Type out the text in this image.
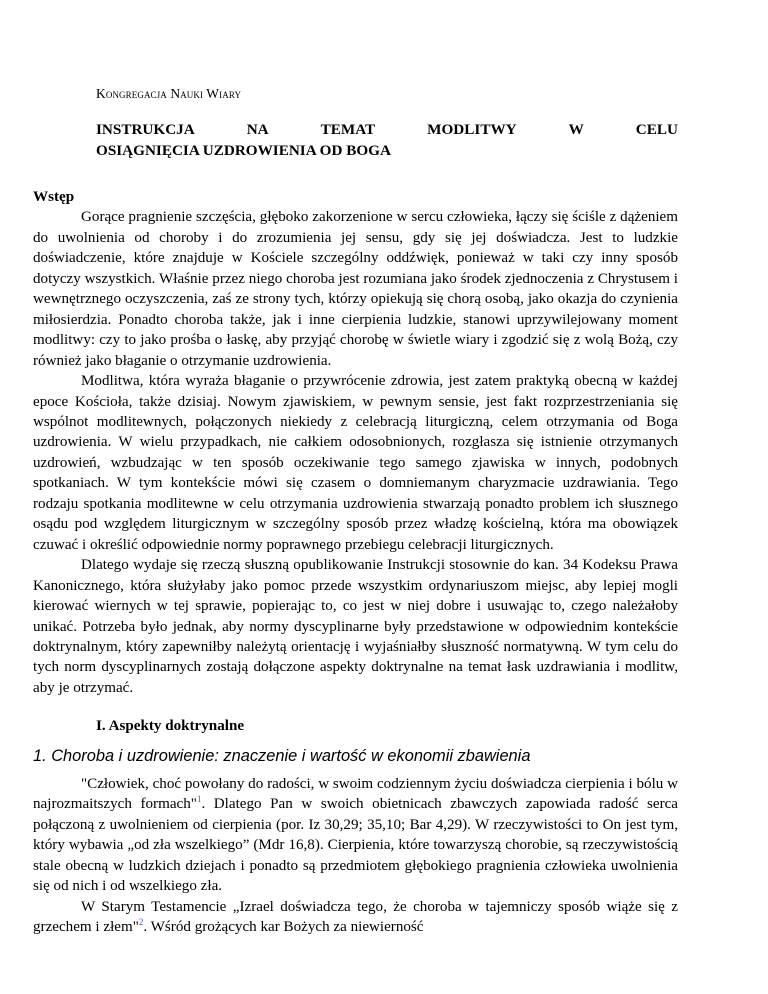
Kongregacja Nauki Wiary
INSTRUKCJA	NA	TEMAT	MODLITWY	W	CELU
OSIĄGNIĘCIA UZDROWIENIA OD BOGA
Wstęp

Gorące pragnienie szczęścia, głęboko zakorzenione w sercu człowieka, łączy się ściśle z dążeniem do uwolnienia od choroby i do zrozumienia jej sensu, gdy się jej doświadcza. Jest to ludzkie doświadczenie, które znajduje w Kościele szczególny oddźwięk, ponieważ w taki czy inny sposób dotyczy wszystkich. Właśnie przez niego choroba jest rozumiana jako środek zjednoczenia z Chrystusem i wewnętrznego oczyszczenia, zaś ze strony tych, którzy opiekują się chorą osobą, jako okazja do czynienia miłosierdzia. Ponadto choroba także, jak i inne cierpienia ludzkie, stanowi uprzywilejowany moment modlitwy: czy to jako prośba o łaskę, aby przyjąć chorobę w świetle wiary i zgodzić się z wolą Bożą, czy również jako błaganie o otrzymanie uzdrowienia.

Modlitwa, która wyraża błaganie o przywrócenie zdrowia, jest zatem praktyką obecną w każdej epoce Kościoła, także dzisiaj. Nowym zjawiskiem, w pewnym sensie, jest fakt rozprzestrzeniania się wspólnot modlitewnych, połączonych niekiedy z celebracją liturgiczną, celem otrzymania od Boga uzdrowienia. W wielu przypadkach, nie całkiem odosobnionych, rozgłasza się istnienie otrzymanych uzdrowień, wzbudzając w ten sposób oczekiwanie tego samego zjawiska w innych, podobnych spotkaniach. W tym kontekście mówi się czasem o domniemanym charyzmacie uzdrawiania. Tego rodzaju spotkania modlitewne w celu otrzymania uzdrowienia stwarzają ponadto problem ich słusznego osądu pod względem liturgicznym w szczególny sposób przez władzę kościelną, która ma obowiązek czuwać i określić odpowiednie normy poprawnego przebiegu celebracji liturgicznych.

Dlatego wydaje się rzeczą słuszną opublikowanie Instrukcji stosownie do kan. 34 Kodeksu Prawa Kanonicznego, która służyłaby jako pomoc przede wszystkim ordynariuszom miejsc, aby lepiej mogli kierować wiernych w tej sprawie, popierając to, co jest w niej dobre i usuwając to, czego należałoby unikać. Potrzeba było jednak, aby normy dyscyplinarne były przedstawione w odpowiednim kontekście doktrynalnym, który zapewniłby należytą orientację i wyjaśniałby słuszność normatywną. W tym celu do tych norm dyscyplinarnych zostają dołączone aspekty doktrynalne na temat łask uzdrawiania i modlitw, aby je otrzymać.

I. Aspekty doktrynalne
1. Choroba i uzdrowienie: znaczenie i wartość w ekonomii zbawienia

"Człowiek, choć powołany do radości, w swoim codziennym życiu doświadcza cierpienia i bólu w najrozmaitszych formach"$^1$. Dlatego Pan w swoich obietnicach zbawczych zapowiada radość serca połączoną z uwolnieniem od cierpienia (por. Iz 30,29; 35,10; Bar 4,29). W rzeczywistości to On jest tym, który wybawia „od zła wszelkiego” (Mdr 16,8). Cierpienia, które towarzyszą chorobie, są rzeczywistością stale obecną w ludzkich dziejach i ponadto są przedmiotem głębokiego pragnienia człowieka uwolnienia się od nich i od wszelkiego zła.

W Starym Testamencie „Izrael doświadcza tego, że choroba w tajemniczy sposób wiąże się z grzechem i złem"$^2$. Wśród grożących kar Bożych za niewierność
